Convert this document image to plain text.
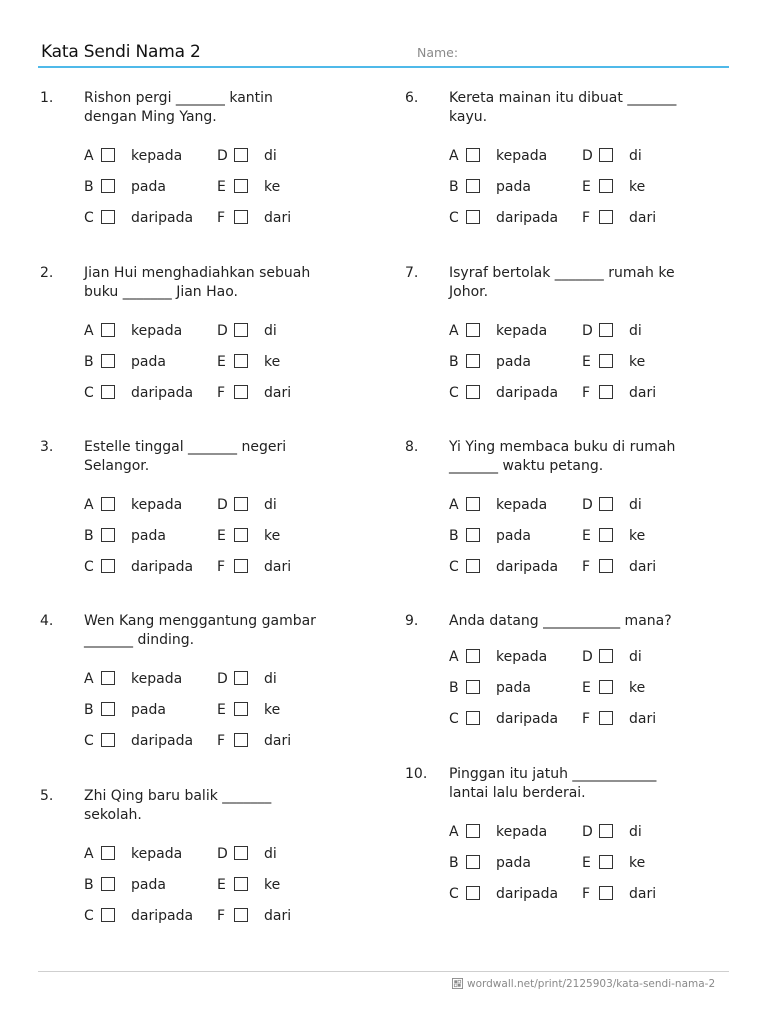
Kata Sendi Nama 2	Name:
1. Rishon pergi _______ kantin
dengan Ming Yang.
A	kepada
B	pada
C	daripada
D	di
E	ke
F	dari
2. Jian Hui menghadiahkan sebuah
buku _______ Jian Hao.
A	kepada
B	pada
C	daripada
D	di
E	ke
F	dari
3. Estelle tinggal _______ negeri
Selangor.
A	kepada
B	pada
C	daripada
D	di
E	ke
F	dari
4. Wen Kang menggantung gambar
_______ dinding.
A	kepada
B	pada
C	daripada
D	di
E	ke
F	dari
5. Zhi Qing baru balik _______
sekolah.
A	kepada
B	pada
C	daripada
D	di
E	ke
F	dari
6. Kereta mainan itu dibuat _______
kayu.
A	kepada
B	pada
C	daripada
D	di
E	ke
F	dari
7. Isyraf bertolak _______ rumah ke
Johor.
A	kepada
B	pada
C	daripada
D	di
E	ke
F	dari
8. Yi Ying membaca buku di rumah
_______ waktu petang.
A	kepada
B	pada
C	daripada
D	di
E	ke
F	dari
9. Anda datang ___________ mana?
A	kepada
B	pada
C	daripada
D	di
E	ke
F	dari
10. Pinggan itu jatuh ____________
lantai lalu berderai.
A	kepada
B	pada
C	daripada
D	di
E	ke
F	dari
wordwall.net/print/2125903/kata-sendi-nama-2
